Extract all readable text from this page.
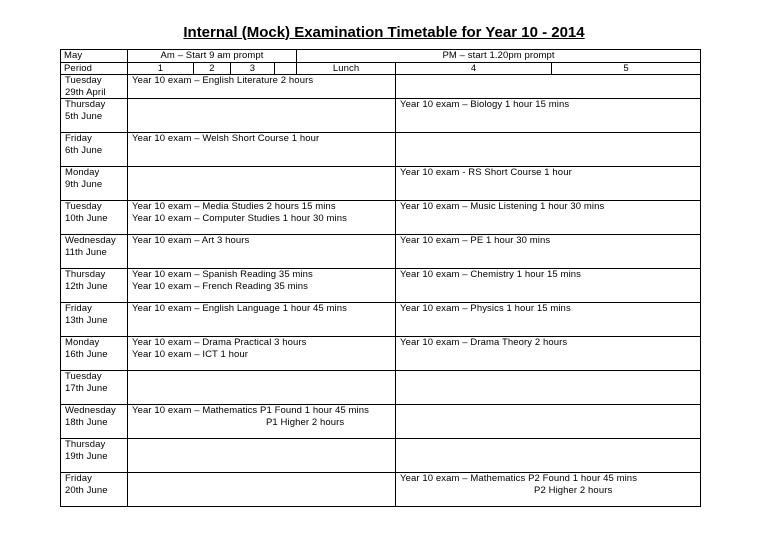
Internal (Mock) Examination Timetable for Year 10 - 2014
May	Am – Start 9 am prompt				PM – start 1.20pm prompt		
Period	1	2	3		Lunch	4	5

Tuesday
29th April	Year 10 exam – English Literature 2 hours						

Thursday
5th June						Year 10 exam – Biology 1 hour 15 mins	

Friday
6th June	Year 10 exam – Welsh Short Course 1 hour						

Monday
9th June						Year 10 exam - RS Short Course 1 hour	

Tuesday
10th June	Year 10 exam – Media Studies 2 hours 15 mins
Year 10 exam – Computer Studies 1 hour 30 mins					Year 10 exam – Music Listening 1 hour 30 mins	

Wednesday
11th June	Year 10 exam – Art 3 hours					Year 10 exam – PE 1 hour 30 mins	

Thursday
12th June	Year 10 exam – Spanish Reading 35 mins
Year 10 exam – French Reading 35 mins					Year 10 exam – Chemistry 1 hour 15 mins	

Friday
13th June	Year 10 exam – English Language 1 hour 45 mins					Year 10 exam – Physics 1 hour 15 mins	

Monday
16th June	Year 10 exam – Drama Practical 3 hours
Year 10 exam – ICT 1 hour					Year 10 exam – Drama Theory 2 hours	

Tuesday
17th June							

Wednesday
18th June	Year 10 exam – Mathematics P1 Found 1 hour 45 mins
P1 Higher 2 hours						

Thursday
19th June							

Friday
20th June						Year 10 exam – Mathematics P2 Found 1 hour 45 mins
P2 Higher 2 hours	
